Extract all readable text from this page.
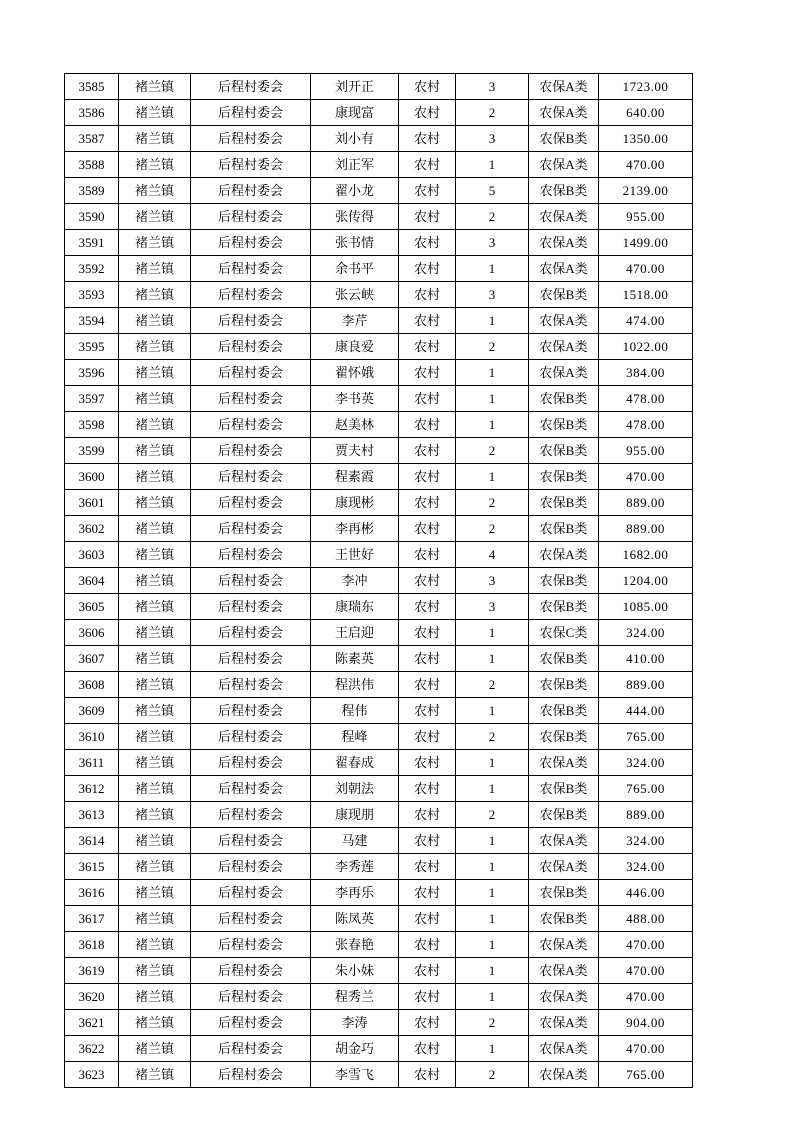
3585	褚兰镇	后程村委会	刘开正	农村	3	农保A类	1723.00
3586	褚兰镇	后程村委会	康现富	农村	2	农保A类	640.00
3587	褚兰镇	后程村委会	刘小有	农村	3	农保B类	1350.00
3588	褚兰镇	后程村委会	刘正军	农村	1	农保A类	470.00
3589	褚兰镇	后程村委会	翟小龙	农村	5	农保B类	2139.00
3590	褚兰镇	后程村委会	张传得	农村	2	农保A类	955.00
3591	褚兰镇	后程村委会	张书情	农村	3	农保A类	1499.00
3592	褚兰镇	后程村委会	余书平	农村	1	农保A类	470.00
3593	褚兰镇	后程村委会	张云峡	农村	3	农保B类	1518.00
3594	褚兰镇	后程村委会	李芹	农村	1	农保A类	474.00
3595	褚兰镇	后程村委会	康良爱	农村	2	农保A类	1022.00
3596	褚兰镇	后程村委会	翟怀娥	农村	1	农保A类	384.00
3597	褚兰镇	后程村委会	李书英	农村	1	农保B类	478.00
3598	褚兰镇	后程村委会	赵美林	农村	1	农保B类	478.00
3599	褚兰镇	后程村委会	贾夫村	农村	2	农保B类	955.00
3600	褚兰镇	后程村委会	程素霞	农村	1	农保B类	470.00
3601	褚兰镇	后程村委会	康现彬	农村	2	农保B类	889.00
3602	褚兰镇	后程村委会	李再彬	农村	2	农保B类	889.00
3603	褚兰镇	后程村委会	王世好	农村	4	农保A类	1682.00
3604	褚兰镇	后程村委会	李冲	农村	3	农保B类	1204.00
3605	褚兰镇	后程村委会	康瑞东	农村	3	农保B类	1085.00
3606	褚兰镇	后程村委会	王启迎	农村	1	农保C类	324.00
3607	褚兰镇	后程村委会	陈素英	农村	1	农保B类	410.00
3608	褚兰镇	后程村委会	程洪伟	农村	2	农保B类	889.00
3609	褚兰镇	后程村委会	程伟	农村	1	农保B类	444.00
3610	褚兰镇	后程村委会	程峰	农村	2	农保B类	765.00
3611	褚兰镇	后程村委会	翟春成	农村	1	农保A类	324.00
3612	褚兰镇	后程村委会	刘朝法	农村	1	农保B类	765.00
3613	褚兰镇	后程村委会	康现朋	农村	2	农保B类	889.00
3614	褚兰镇	后程村委会	马建	农村	1	农保A类	324.00
3615	褚兰镇	后程村委会	李秀莲	农村	1	农保A类	324.00
3616	褚兰镇	后程村委会	李再乐	农村	1	农保B类	446.00
3617	褚兰镇	后程村委会	陈凤英	农村	1	农保B类	488.00
3618	褚兰镇	后程村委会	张春艳	农村	1	农保A类	470.00
3619	褚兰镇	后程村委会	朱小妹	农村	1	农保A类	470.00
3620	褚兰镇	后程村委会	程秀兰	农村	1	农保A类	470.00
3621	褚兰镇	后程村委会	李涛	农村	2	农保A类	904.00
3622	褚兰镇	后程村委会	胡金巧	农村	1	农保A类	470.00
3623	褚兰镇	后程村委会	李雪飞	农村	2	农保A类	765.00
